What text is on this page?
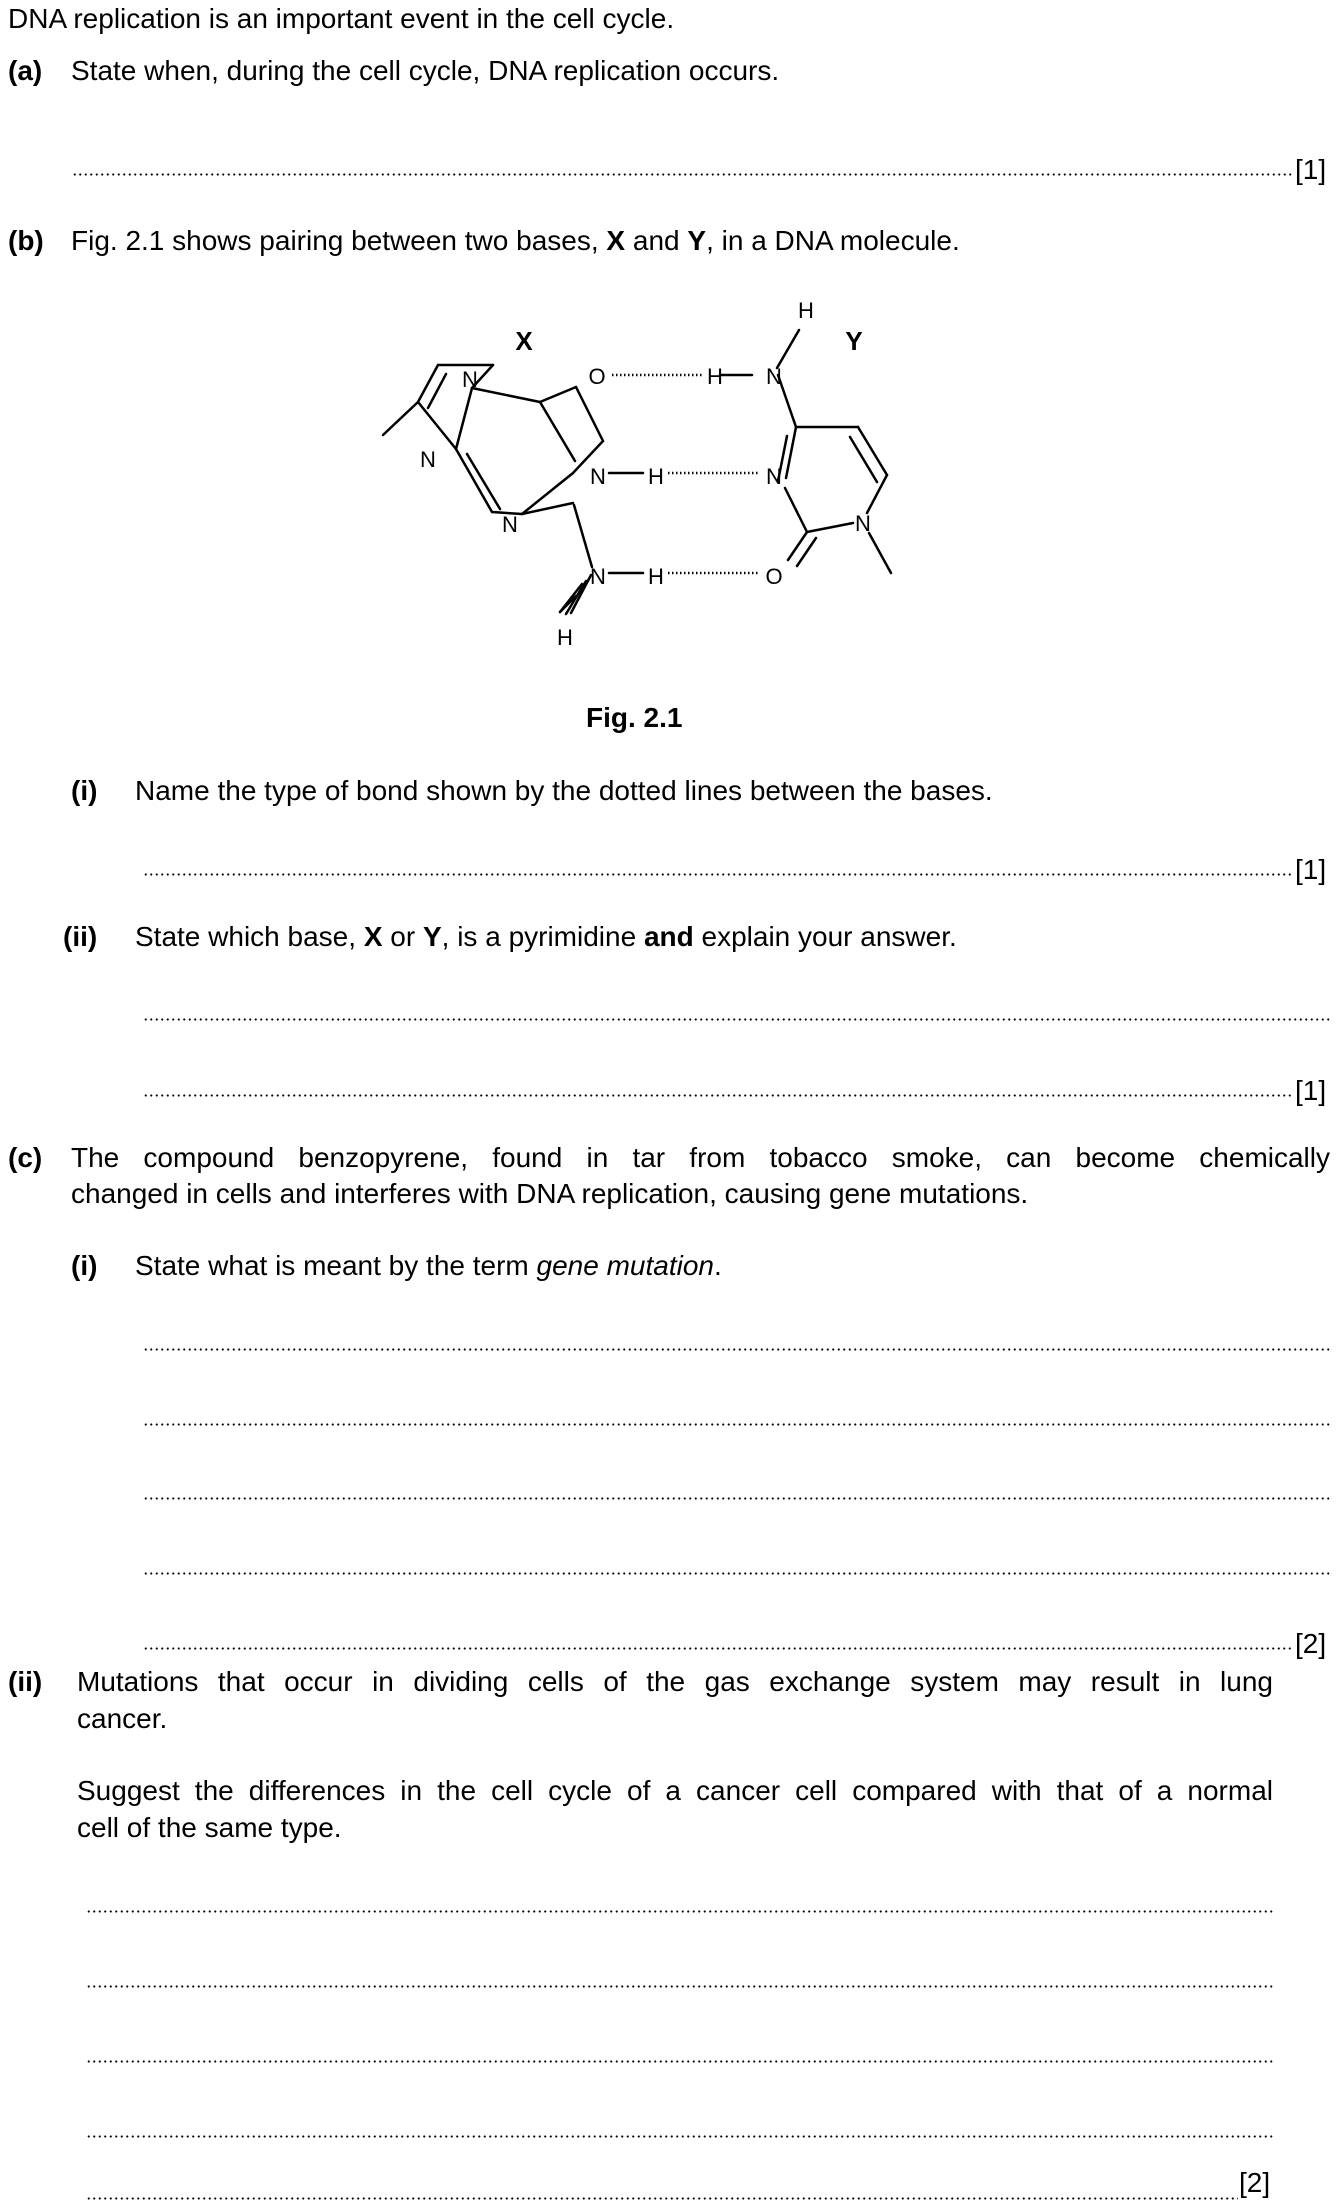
DNA replication is an important event in the cell cycle.
(a) State when, during the cell cycle, DNA replication occurs.
[1]
(b) Fig. 2.1 shows pairing between two bases, X and Y, in a DNA molecule.
N
N
N
O
N H
N H
H
H N
H
N
O
N
X	Y
Fig. 2.1
(i) Name the type of bond shown by the dotted lines between the bases.
[1]
(ii) State which base, X or Y, is a pyrimidine and explain your answer.
[1]
(c) The compound benzopyrene, found in tar from tobacco smoke, can become chemically
changed in cells and interferes with DNA replication, causing gene mutations.
(i) State what is meant by the term gene mutation.
[2]
(ii) Mutations that occur in dividing cells of the gas exchange system may result in lung
cancer.
Suggest the differences in the cell cycle of a cancer cell compared with that of a normal
cell of the same type.
[2]
